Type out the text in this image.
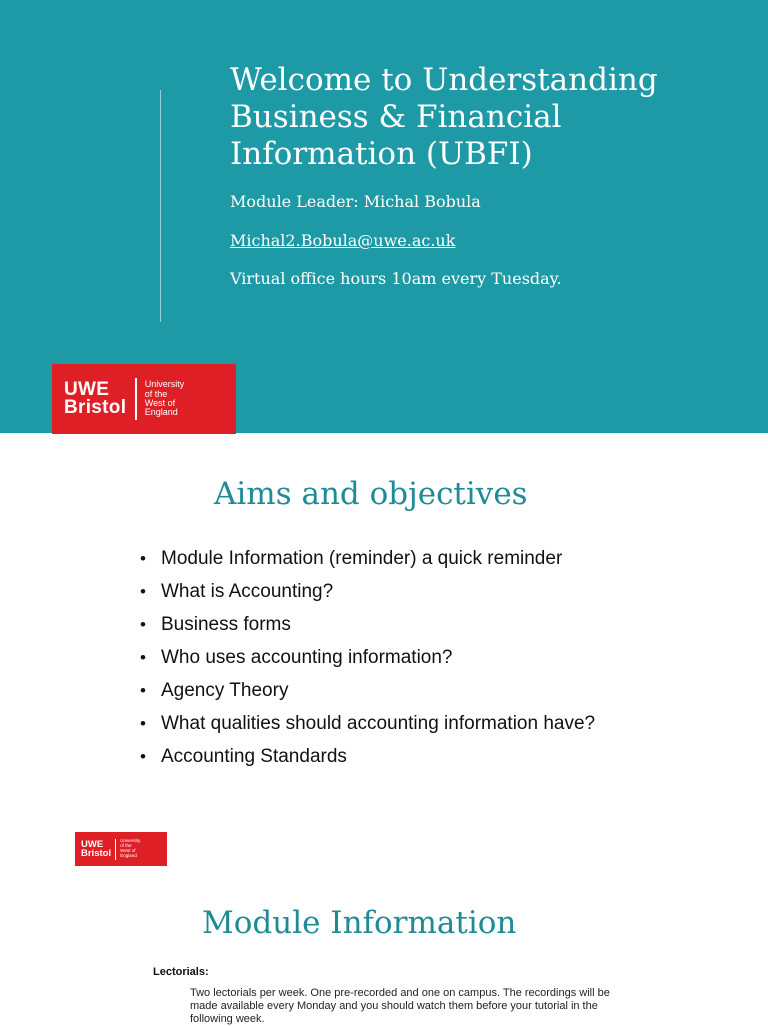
Welcome to Understanding Business & Financial Information (UBFI)
Module Leader: Michal Bobula
Michal2.Bobula@uwe.ac.uk
Virtual office hours 10am every Tuesday.
UWE
Bristol
University
of the
West of
England
Aims and objectives
• Module Information (reminder) a quick reminder
• What is Accounting?
• Business forms
• Who uses accounting information?
• Agency Theory
• What qualities should accounting information have?
• Accounting Standards
UWE
Bristol
University
of the
West of
England
Module Information
Lectorials:

Two lectorials per week. One pre-recorded and one on campus. The recordings will be made available every Monday and you should watch them before your tutorial in the following week.
